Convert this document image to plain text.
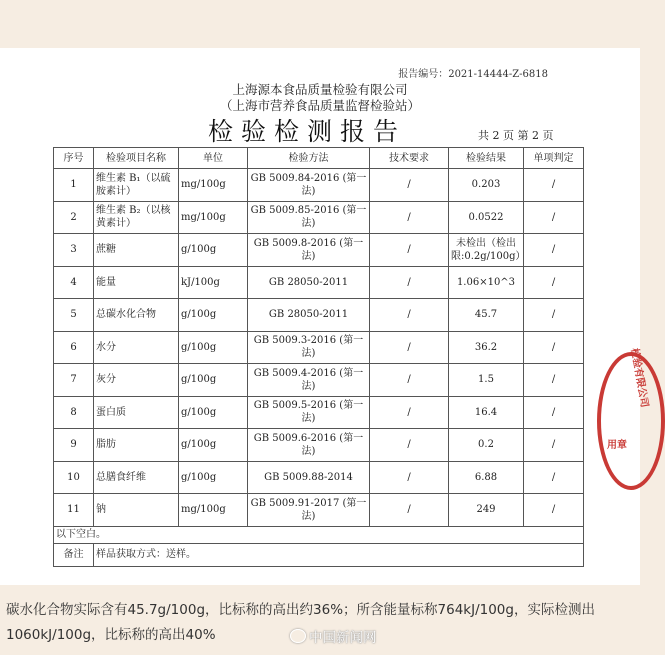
报告编号：2021-14444-Z-6818
上海源本食品质量检验有限公司
（上海市营养食品质量监督检验站）
检验检测报告	共 2 页 第 2 页
序号	检验项目名称	单位	检验方法	技术要求	检验结果	单项判定
1	维生素 B₁（以硫胺素计）	mg/100g	GB 5009.84-2016 (第一法)	/	0.203	/
2	维生素 B₂（以核黄素计）	mg/100g	GB 5009.85-2016 (第一法)	/	0.0522	/
3	蔗糖	g/100g	GB 5009.8-2016 (第一法)	/	未检出（检出限:0.2g/100g）	/
4	能量	kJ/100g	GB 28050-2011	/	1.06×10^3	/
5	总碳水化合物	g/100g	GB 28050-2011	/	45.7	/
6	水分	g/100g	GB 5009.3-2016 (第一法)	/	36.2	/
7	灰分	g/100g	GB 5009.4-2016 (第一法)	/	1.5	/
8	蛋白质	g/100g	GB 5009.5-2016 (第一法)	/	16.4	/
9	脂肪	g/100g	GB 5009.6-2016 (第一法)	/	0.2	/
10	总膳食纤维	g/100g	GB 5009.88-2014	/	6.88	/
11	钠	mg/100g	GB 5009.91-2017 (第一法)	/	249	/
以下空白。						
备注	样品获取方式：送样。					
检验有限公司
用章
碳水化合物实际含有45.7g/100g，比标称的高出约36%；所含能量标称764kJ/100g，实际检测出1060kJ/100g，比标称的高出40%	中国新闻网
